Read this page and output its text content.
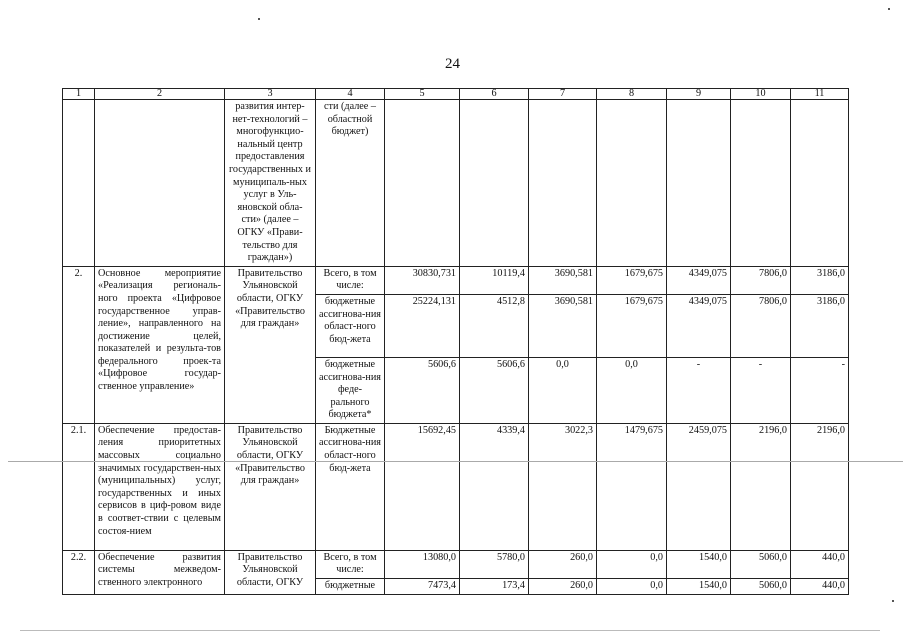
24
1	2	3	4	5	6	7	8	9	10	11
		развития интер-нет-технологий – многофункцио-нальный центр предоставления государственных и муниципаль-ных услуг в Уль-яновской обла-сти» (далее – ОГКУ «Прави-тельство для граждан»)	сти (далее – областной бюджет)							
2.	Основное мероприятие «Реализация региональ-ного проекта «Цифровое государственное управ-ление», направленного на достижение целей, показателей и результа-тов федерального проек-та «Цифровое государ-ственное управление»	Правительство Ульяновской области, ОГКУ «Правительство для граждан»	Всего, в том числе:	30830,731	10119,4	3690,581	1679,675	4349,075	7806,0	3186,0
			бюджетные ассигнова-ния област-ного бюд-жета	25224,131	4512,8	3690,581	1679,675	4349,075	7806,0	3186,0
			бюджетные ассигнова-ния феде-рального бюджета*	5606,6	5606,6	0,0	0,0	-	-	-
2.1.	Обеспечение предостав-ления приоритетных массовых социально значимых государствен-ных (муниципальных) услуг, государственных и иных сервисов в циф-ровом виде в соответ-ствии с целевым состоя-нием	Правительство Ульяновской области, ОГКУ «Правительство для граждан»	Бюджетные ассигнова-ния област-ного бюд-жета	15692,45	4339,4	3022,3	1479,675	2459,075	2196,0	2196,0
2.2.	Обеспечение развития системы межведом-ственного электронного	Правительство Ульяновской области, ОГКУ	Всего, в том числе:	13080,0	5780,0	260,0	0,0	1540,0	5060,0	440,0
			бюджетные	7473,4	173,4	260,0	0,0	1540,0	5060,0	440,0
